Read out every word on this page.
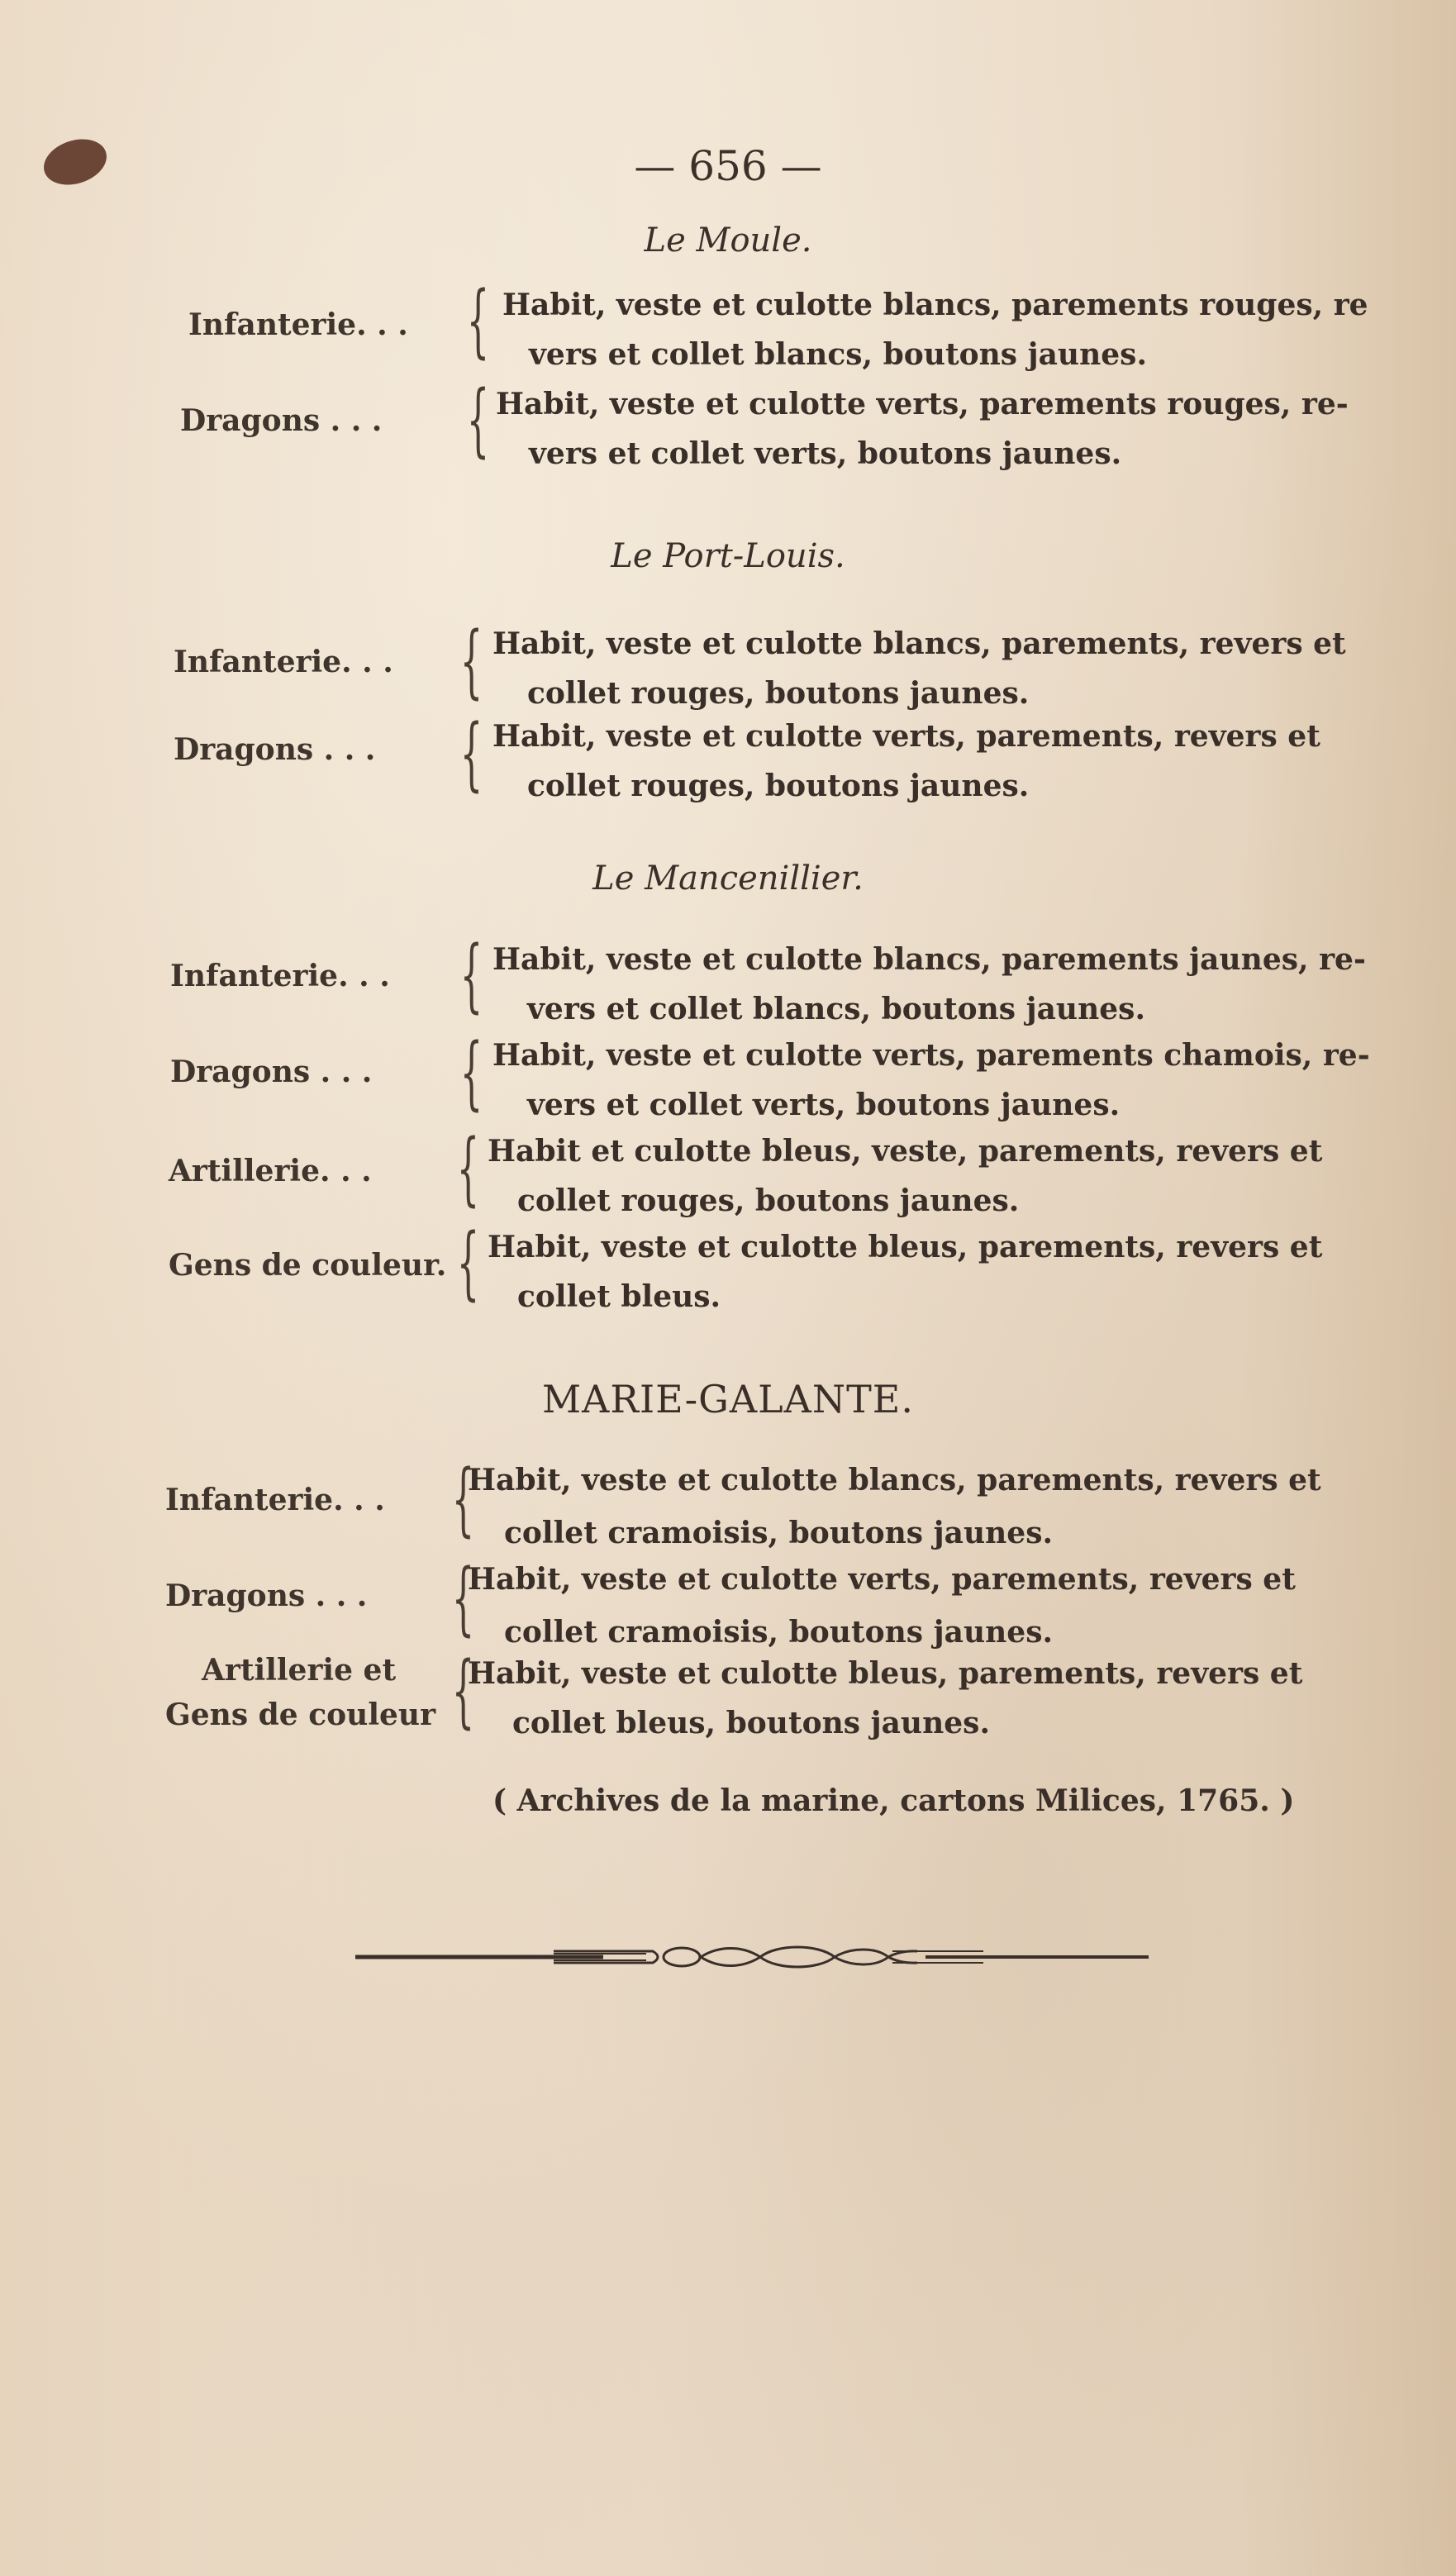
— 656 —
Le Moule.
Infanterie. . . { Habit, veste et culotte blancs, parements rouges, re
vers et collet blancs, boutons jaunes.
Dragons . . . { Habit, veste et culotte verts, parements rouges, re-
vers et collet verts, boutons jaunes.
Le Port-Louis.
Infanterie. . . { Habit, veste et culotte blancs, parements, revers et
collet rouges, boutons jaunes.
Dragons . . . { Habit, veste et culotte verts, parements, revers et
collet rouges, boutons jaunes.
Le Mancenillier.
Infanterie. . . { Habit, veste et culotte blancs, parements jaunes, re-
vers et collet blancs, boutons jaunes.
Dragons . . . { Habit, veste et culotte verts, parements chamois, re-
vers et collet verts, boutons jaunes.
Artillerie. . . { Habit et culotte bleus, veste, parements, revers et
collet rouges, boutons jaunes.
Gens de couleur. { Habit, veste et culotte bleus, parements, revers et
collet bleus.
MARIE-GALANTE.
Infanterie. . . {
Habit, veste et culotte blancs, parements, revers et
collet cramoisis, boutons jaunes.
Dragons . . . {
Habit, veste et culotte verts, parements, revers et
collet cramoisis, boutons jaunes.
Artillerie et
Gens de couleur {
Habit, veste et culotte bleus, parements, revers et
collet bleus, boutons jaunes.
( Archives de la marine, cartons Milices, 1765. )
